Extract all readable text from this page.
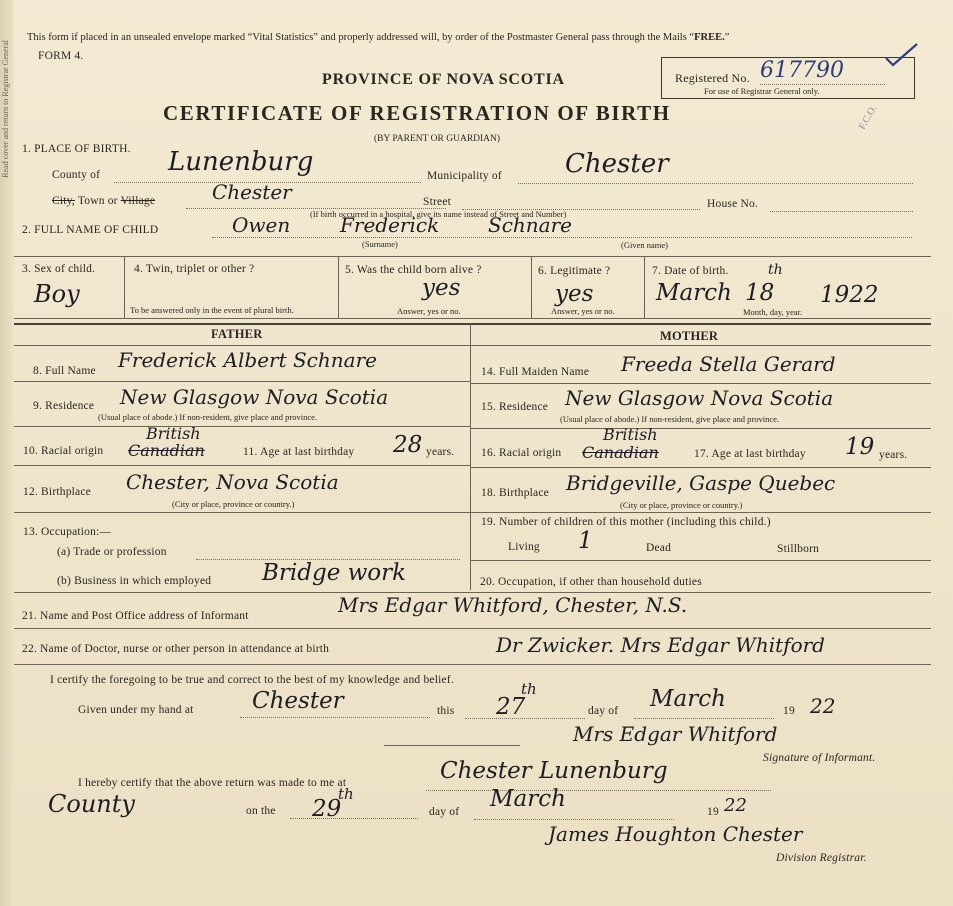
Read cover and return to Registrar General
This form if placed in an unsealed envelope marked “Vital Statistics” and properly addressed will, by order of the Postmaster General pass through the Mails “FREE.”
FORM 4.
PROVINCE OF NOVA SCOTIA
CERTIFICATE OF REGISTRATION OF BIRTH
(BY PARENT OR GUARDIAN)
Registered No. 617790
For use of Registrar General only.
F.C.O.
1. PLACE OF BIRTH.
County of	Lunenburg	Municipality of Chester
City, Town or Village	Chester	Street	House No.
(If birth occurred in a hospital, give its name instead of Street and Number)
2. FULL NAME OF CHILD	Owen Frederick Schnare
(Surname)	(Given name)
3. Sex of child.
Boy
4. Twin, triplet or other ?
To be answered only in the event of plural birth.
5. Was the child born alive ?
yes
Answer, yes or no.
6. Legitimate ?
yes
Answer, yes or no.
7. Date of birth.
March 18
th
1922
Month, day, year.
FATHER	MOTHER
8. Full Name Frederick Albert Schnare
9. Residence New Glasgow Nova Scotia
(Usual place of abode.) If non-resident, give place and province.
10. Racial origin Canadian
British
11. Age at last birthday 28 years.
12. Birthplace Chester, Nova Scotia
(City or place, province or country.)
13. Occupation:—
(a) Trade or profession
(b) Business in which employed Bridge work
14. Full Maiden Name Freeda Stella Gerard
15. Residence New Glasgow Nova Scotia
(Usual place of abode.) If non-resident, give place and province.
16. Racial origin Canadian
British
17. Age at last birthday 19 years.
18. Birthplace Bridgeville, Gaspe Quebec
(City or place, province or country.)
19. Number of children of this mother (including this child.)
Living 1	Dead	Stillborn
20. Occupation, if other than household duties
21. Name and Post Office address of Informant	Mrs Edgar Whitford, Chester, N.S.
22. Name of Doctor, nurse or other person in attendance at birth	Dr Zwicker. Mrs Edgar Whitford
I certify the foregoing to be true and correct to the best of my knowledge and belief.
Given under my hand at	Chester	this 27
th
day of March	19 22
Mrs Edgar Whitford
Signature of Informant.
I hereby certify that the above return was made to me at	Chester Lunenburg
County	on the 29
th
day of March	19 22
James Houghton Chester
Division Registrar.
